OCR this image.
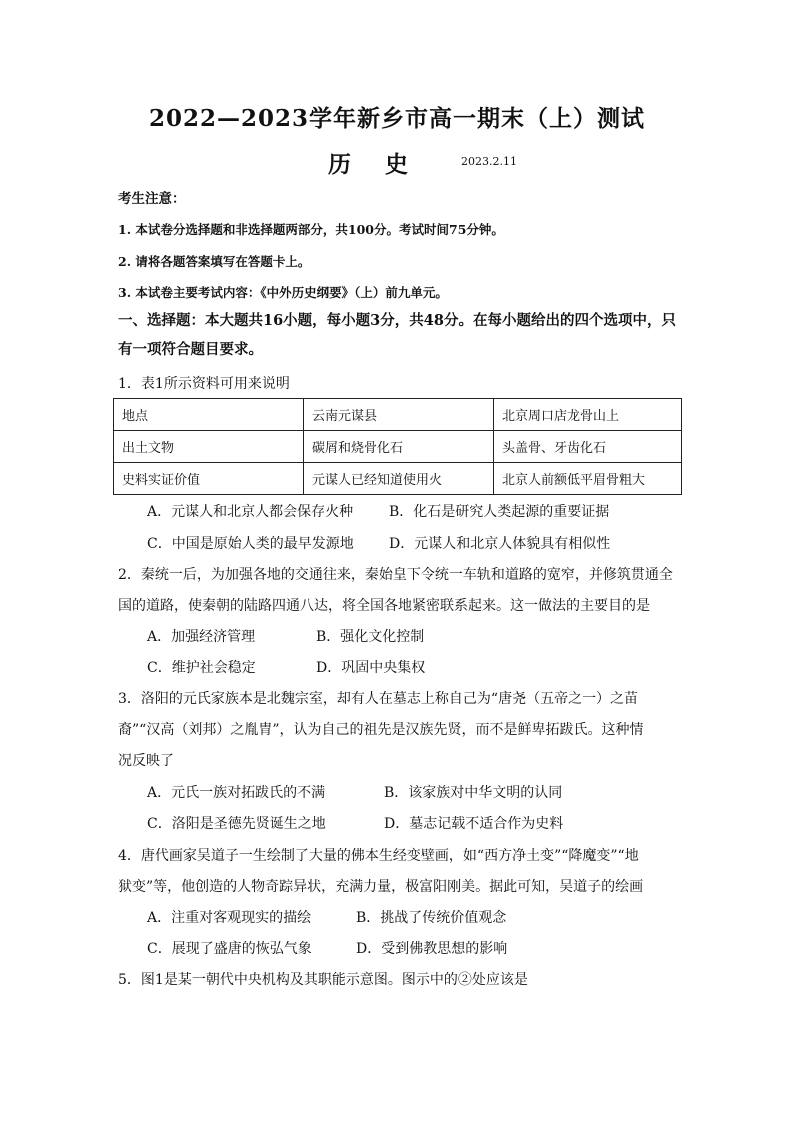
2022—2023学年新乡市高一期末（上）测试
历 史	2023.2.11
考生注意：
1. 本试卷分选择题和非选择题两部分，共100分。考试时间75分钟。
2. 请将各题答案填写在答题卡上。
3. 本试卷主要考试内容：《中外历史纲要》（上）前九单元。
一、选择题：本大题共16小题，每小题3分，共48分。在每小题给出的四个选项中，只
有一项符合题目要求。
1．表1所示资料可用来说明
地点	云南元谋县	北京周口店龙骨山上
出土文物	碳屑和烧骨化石	头盖骨、牙齿化石
史料实证价值	元谋人已经知道使用火	北京人前额低平眉骨粗大
A．元谋人和北京人都会保存火种	B．化石是研究人类起源的重要证据
C．中国是原始人类的最早发源地	D．元谋人和北京人体貌具有相似性
2．秦统一后，为加强各地的交通往来，秦始皇下令统一车轨和道路的宽窄，并修筑贯通全
国的道路，使秦朝的陆路四通八达，将全国各地紧密联系起来。这一做法的主要目的是
A．加强经济管理	B．强化文化控制
C．维护社会稳定	D．巩固中央集权
3．洛阳的元氏家族本是北魏宗室，却有人在墓志上称自己为“唐尧（五帝之一）之苗
裔”“汉高（刘邦）之胤胄”，认为自己的祖先是汉族先贤，而不是鲜卑拓跋氏。这种情
况反映了
A．元氏一族对拓跋氏的不满	B．该家族对中华文明的认同
C．洛阳是圣德先贤诞生之地	D．墓志记载不适合作为史料
4．唐代画家吴道子一生绘制了大量的佛本生经变壁画，如“西方净土变”“降魔变”“地
狱变”等，他创造的人物奇踪异状，充满力量，极富阳刚美。据此可知，吴道子的绘画
A．注重对客观现实的描绘	B．挑战了传统价值观念
C．展现了盛唐的恢弘气象	D．受到佛教思想的影响
5．图1是某一朝代中央机构及其职能示意图。图示中的②处应该是
